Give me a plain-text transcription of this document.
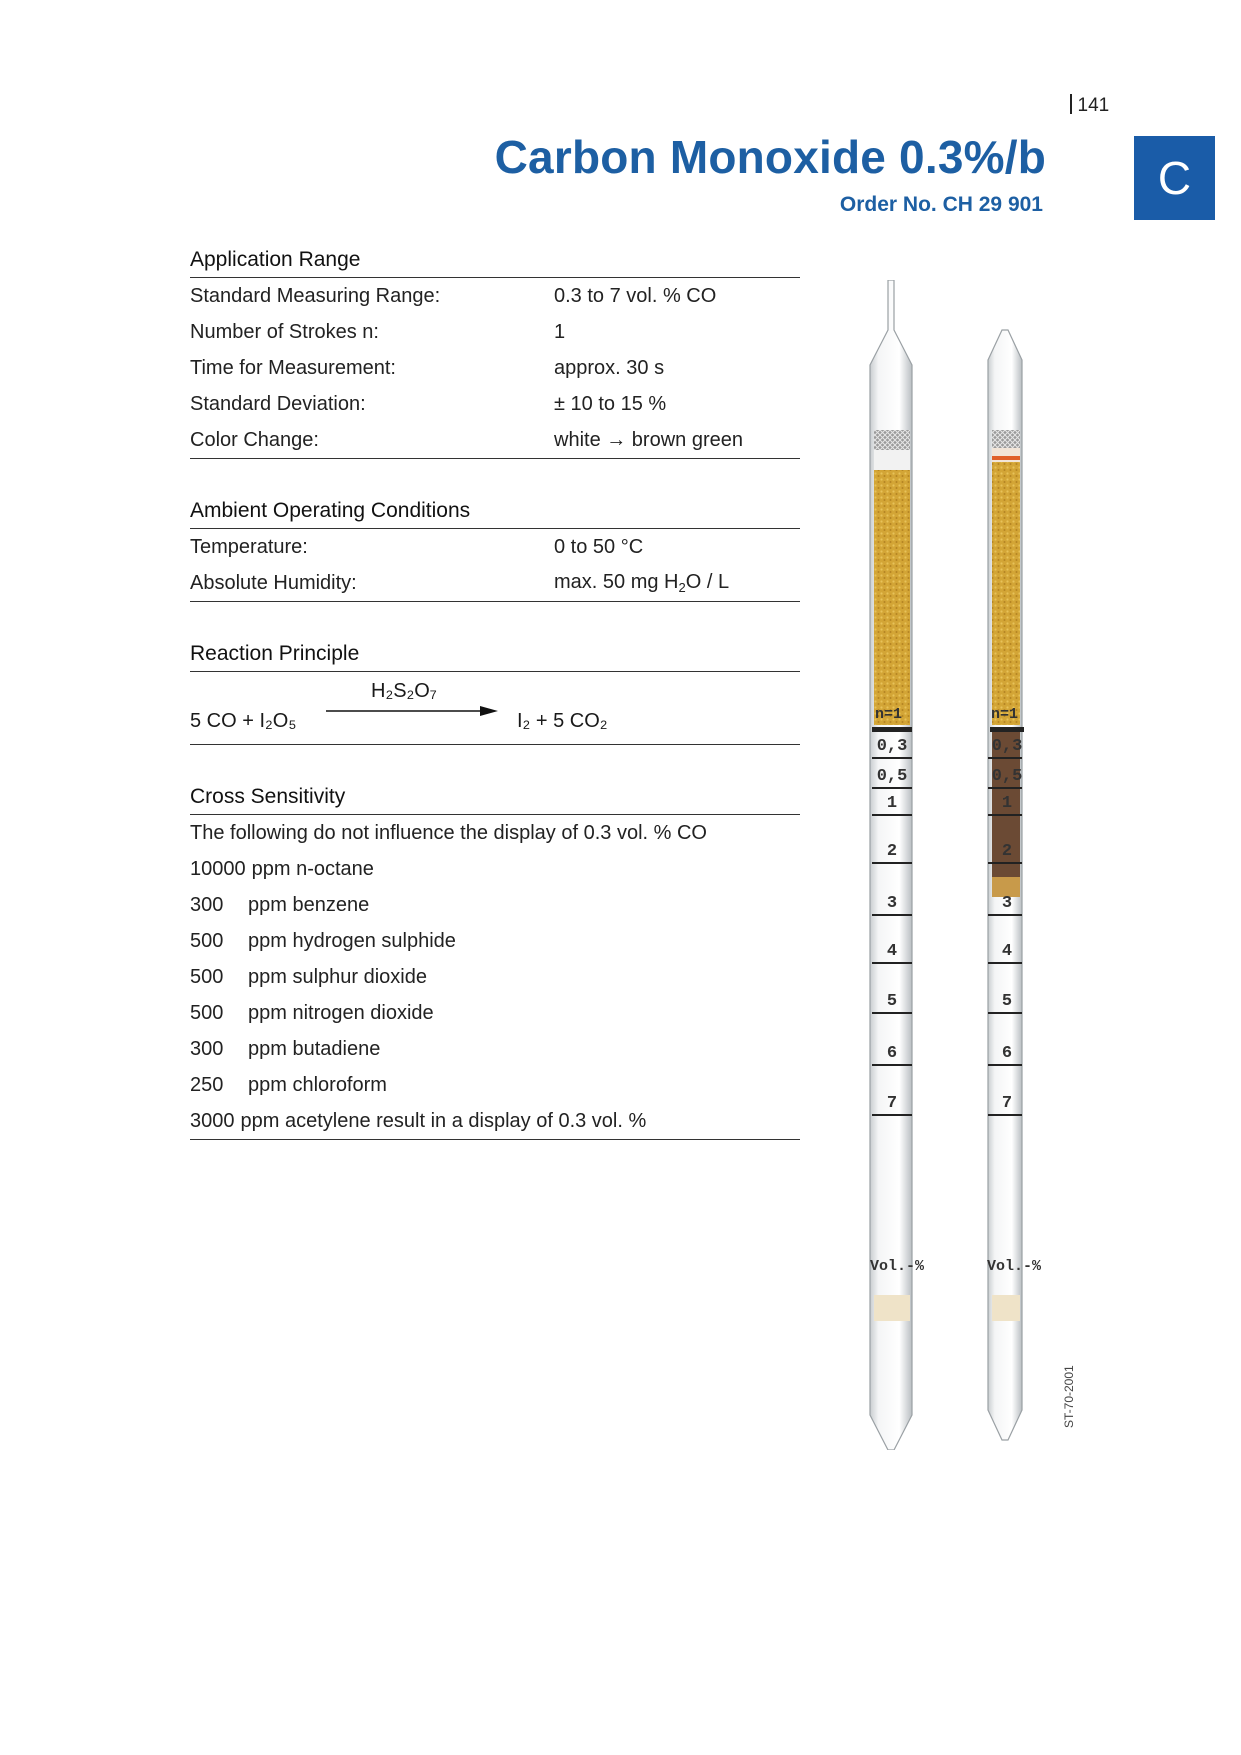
141
Carbon Monoxide 0.3%/b
Order No. CH 29 901
C
Application Range
Standard Measuring Range:	0.3 to 7 vol. % CO
Number of Strokes n:	1
Time for Measurement:	approx. 30 s
Standard Deviation:	± 10 to 15 %
Color Change:	white → brown green
Ambient Operating Conditions
Temperature:	0 to 50 °C
Absolute Humidity:	max. 50 mg $H_2O$ / L
Reaction Principle
5 CO + I₂O₅
H₂S₂O₇
I₂ + 5 CO₂
Cross Sensitivity
The following do not influence the display of 0.3 vol. % CO
10000 ppm n-octane
300	ppm benzene
500	ppm hydrogen sulphide
500	ppm sulphur dioxide
500	ppm nitrogen dioxide
300	ppm butadiene
250	ppm chloroform
3000 ppm acetylene result in a display of 0.3 vol. %
0,3
0,5
1
2
3
4
5
6
7
0,3
0,5
1
2
3
4
5
6
7
n=1	n=1
Vol.-%	Vol.-%
ST-70-2001
